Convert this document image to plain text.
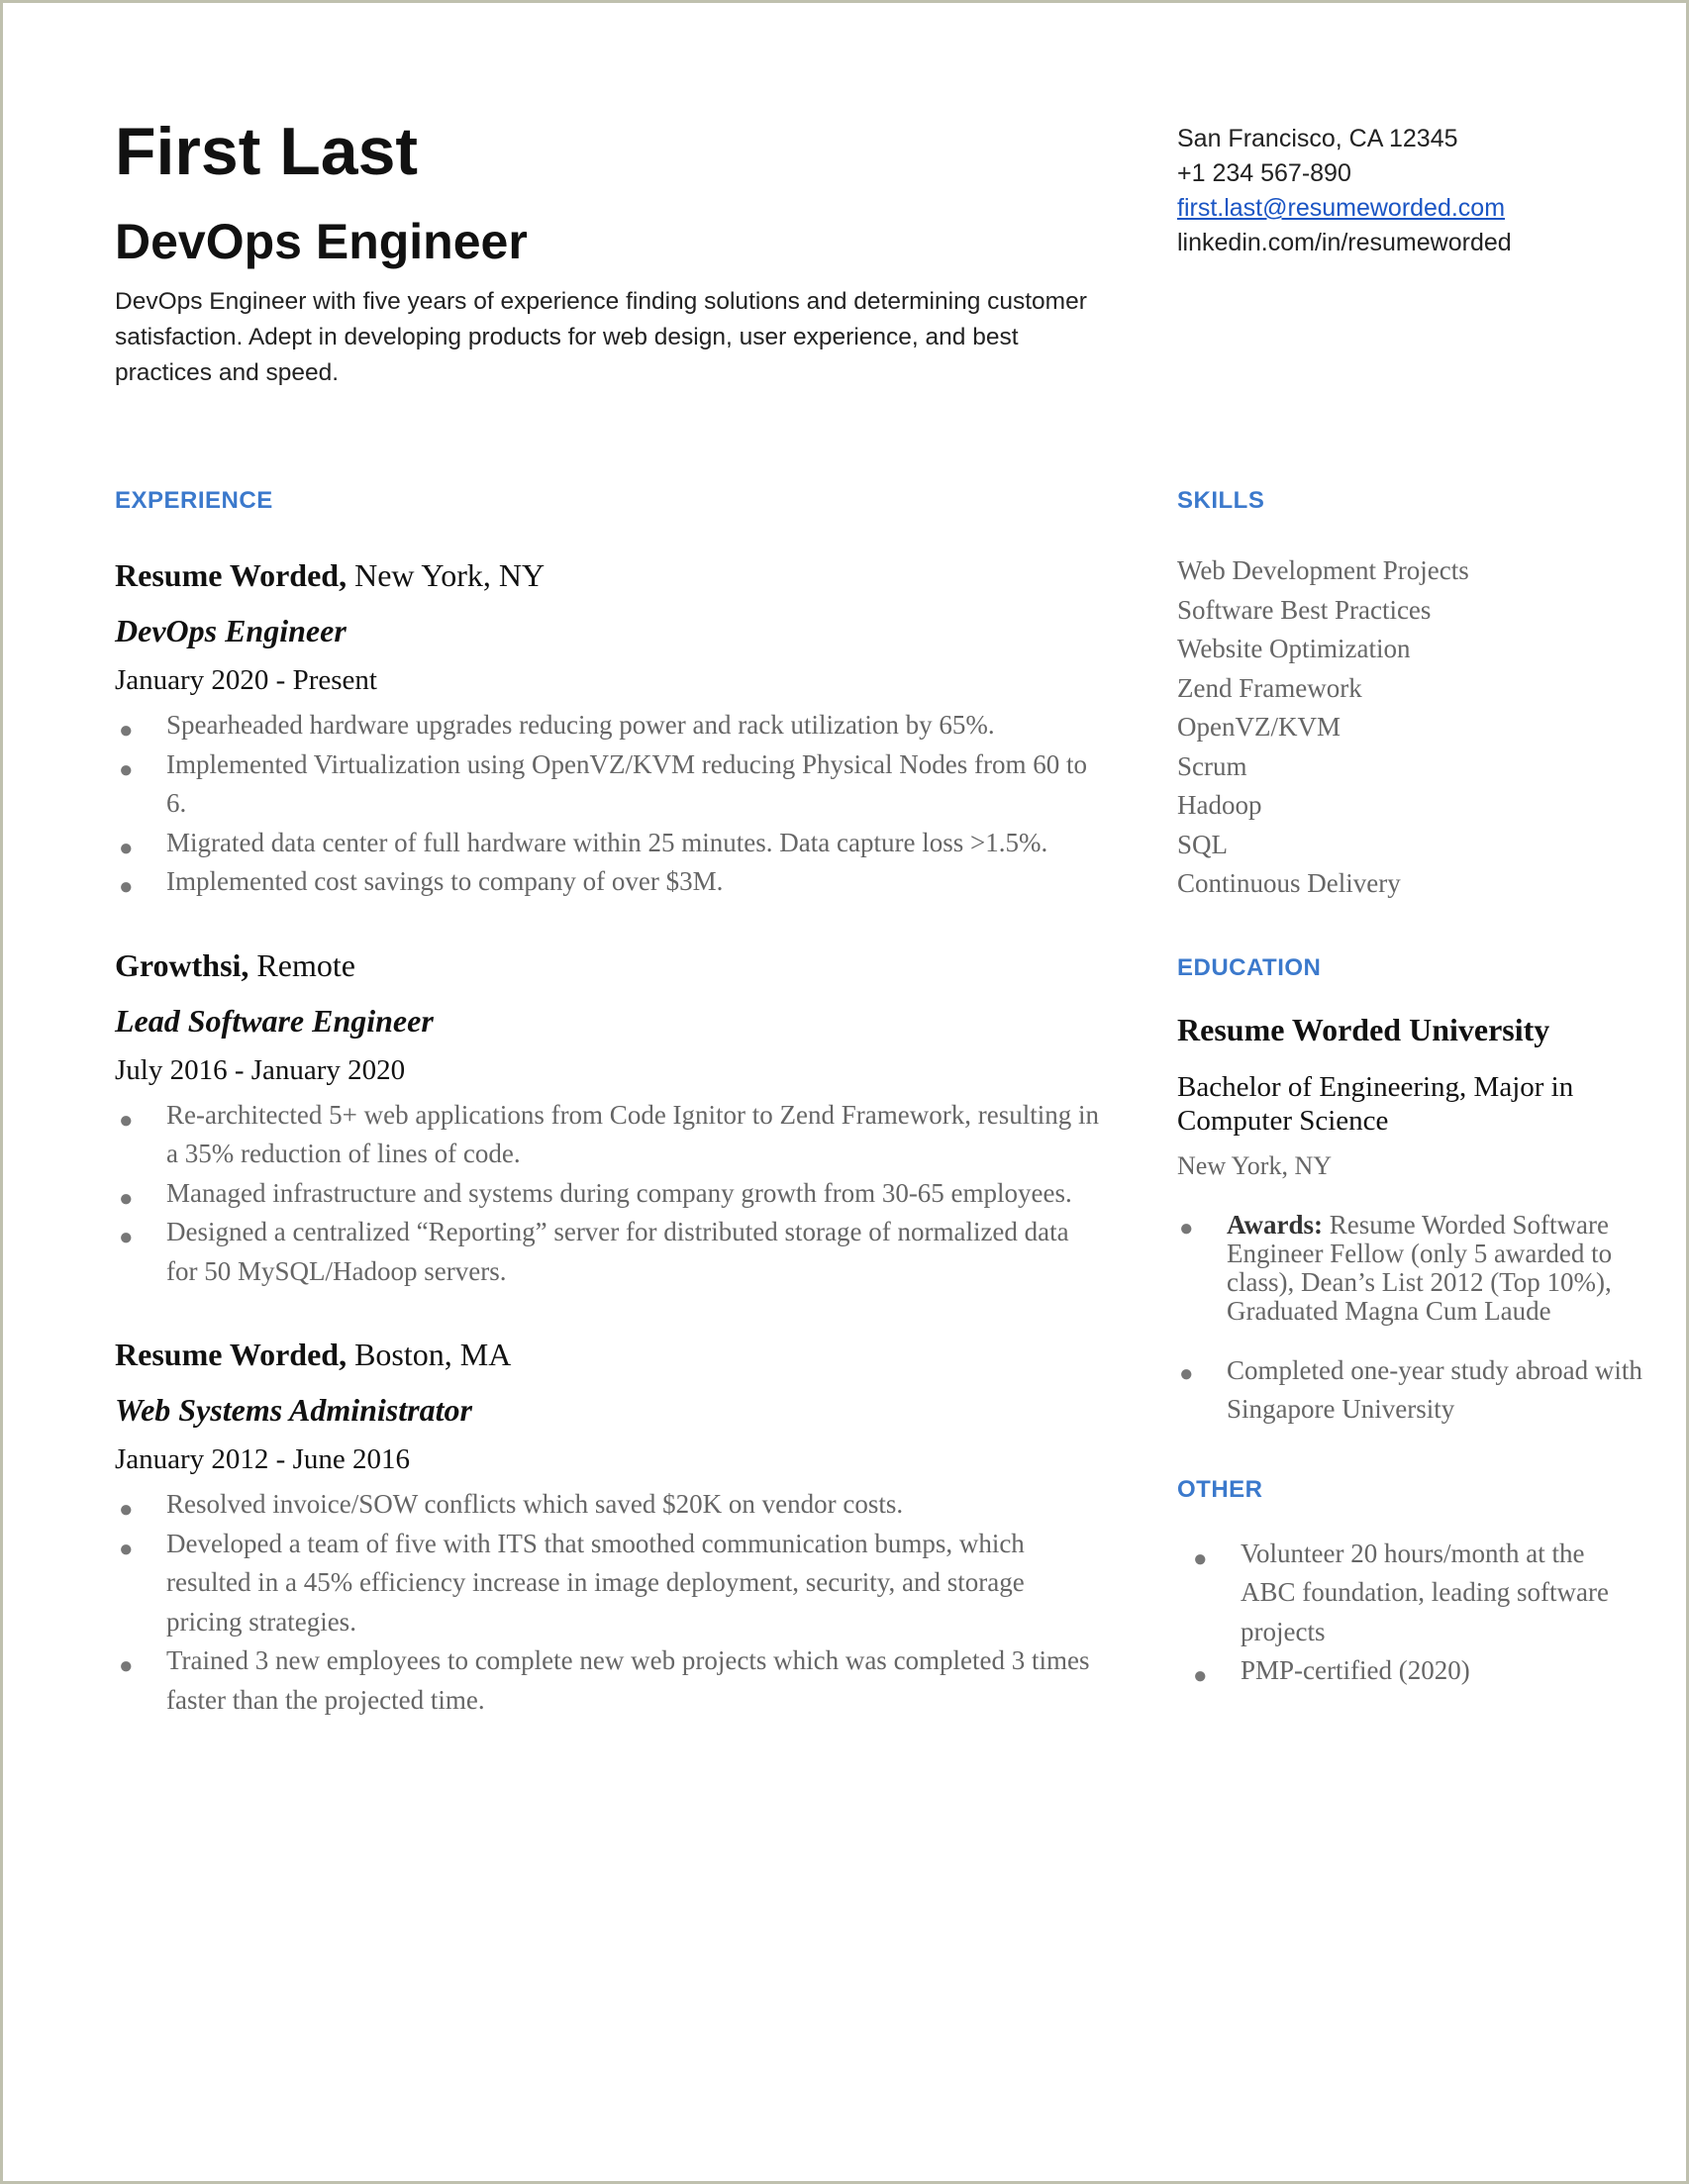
First Last
DevOps Engineer

DevOps Engineer with five years of experience finding solutions and determining customer satisfaction. Adept in developing products for web design, user experience, and best practices and speed.

San Francisco, CA 12345
+1 234 567-890
first.last@resumeworded.com
linkedin.com/in/resumeworded
EXPERIENCE
Resume Worded, New York, NY
DevOps Engineer
January 2020 - Present
● Spearheaded hardware upgrades reducing power and rack utilization by 65%.
● Implemented Virtualization using OpenVZ/KVM reducing Physical Nodes from 60 to 6.
● Migrated data center of full hardware within 25 minutes. Data capture loss >1.5%.
● Implemented cost savings to company of over $3M.
Growthsi, Remote
Lead Software Engineer
July 2016 - January 2020
● Re-architected 5+ web applications from Code Ignitor to Zend Framework, resulting in a 35% reduction of lines of code.
● Managed infrastructure and systems during company growth from 30-65 employees.
● Designed a centralized “Reporting” server for distributed storage of normalized data for 50 MySQL/Hadoop servers.
Resume Worded, Boston, MA
Web Systems Administrator
January 2012 - June 2016
● Resolved invoice/SOW conflicts which saved $20K on vendor costs.
● Developed a team of five with ITS that smoothed communication bumps, which resulted in a 45% efficiency increase in image deployment, security, and storage pricing strategies.
● Trained 3 new employees to complete new web projects which was completed 3 times faster than the projected time.
SKILLS
Web Development Projects
Software Best Practices
Website Optimization
Zend Framework
OpenVZ/KVM
Scrum
Hadoop
SQL
Continuous Delivery
EDUCATION
Resume Worded University
Bachelor of Engineering, Major in Computer Science
New York, NY
● Awards: Resume Worded Software Engineer Fellow (only 5 awarded to class), Dean’s List 2012 (Top 10%), Graduated Magna Cum Laude
● Completed one-year study abroad with Singapore University
OTHER
● Volunteer 20 hours/month at the ABC foundation, leading software projects
● PMP-certified (2020)
